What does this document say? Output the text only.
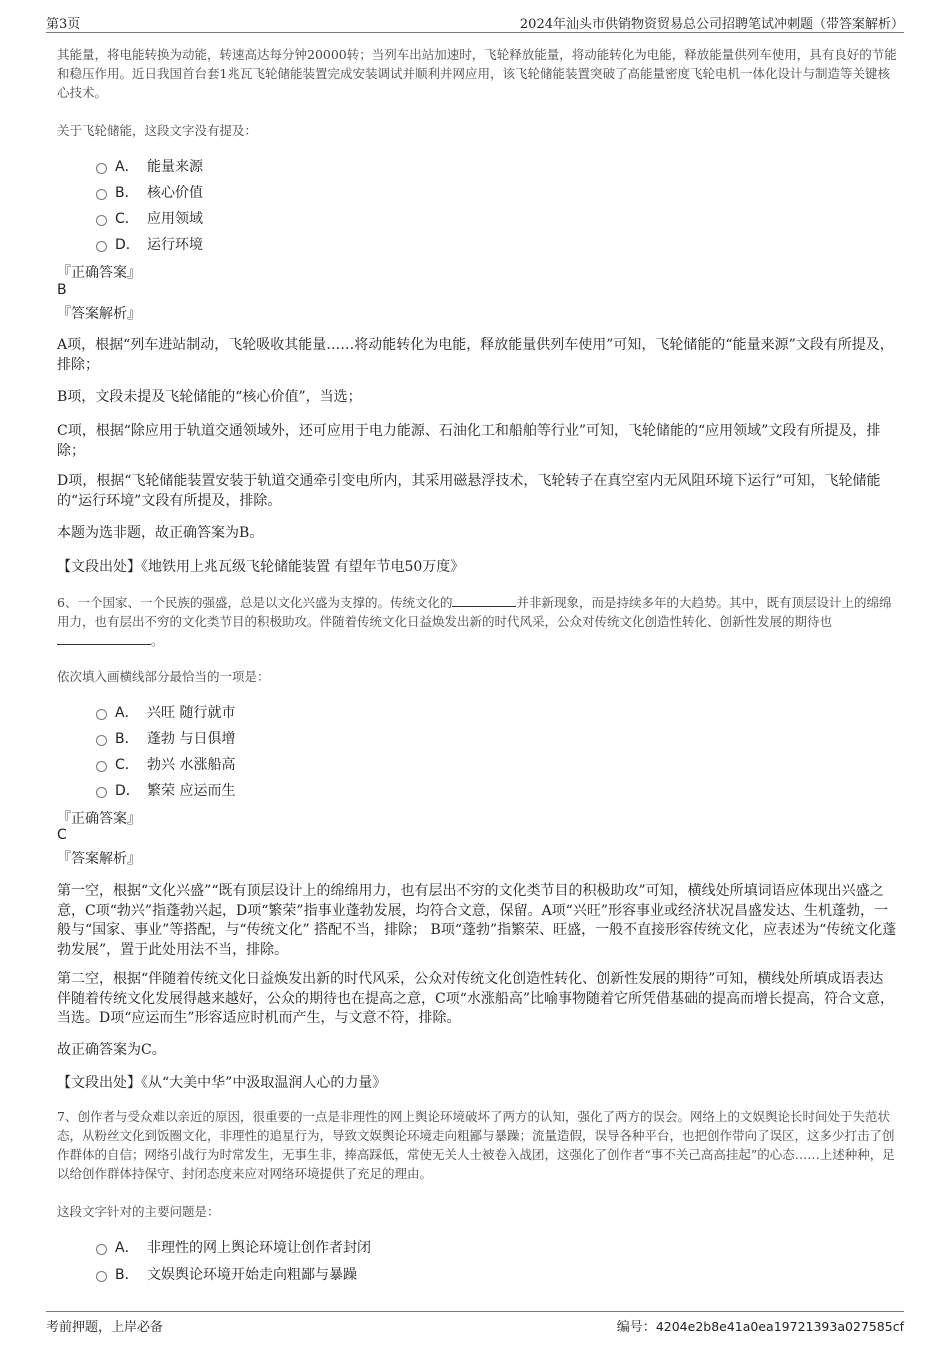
第3页	2024年汕头市供销物资贸易总公司招聘笔试冲刺题（带答案解析）
其能量，将电能转换为动能，转速高达每分钟20000转；当列车出站加速时，飞轮释放能量，将动能转化为电能，释放能量供列车使用，具有良好的节能和稳压作用。近日我国首台套1兆瓦飞轮储能装置完成安装调试并顺利并网应用，该飞轮储能装置突破了高能量密度飞轮电机一体化设计与制造等关键核心技术。
关于飞轮储能，这段文字没有提及：
A． 能量来源
B． 核心价值
C． 应用领域
D． 运行环境
『正确答案』
B
『答案解析』
A项，根据“列车进站制动，飞轮吸收其能量……将动能转化为电能，释放能量供列车使用”可知，飞轮储能的“能量来源”文段有所提及，排除；
B项，文段未提及飞轮储能的“核心价值”，当选；
C项，根据“除应用于轨道交通领域外，还可应用于电力能源、石油化工和船舶等行业”可知，飞轮储能的“应用领域”文段有所提及，排除；
D项，根据“飞轮储能装置安装于轨道交通牵引变电所内，其采用磁悬浮技术，飞轮转子在真空室内无风阻环境下运行”可知，飞轮储能的“运行环境”文段有所提及，排除。
本题为选非题，故正确答案为B。
【文段出处】《地铁用上兆瓦级飞轮储能装置 有望年节电50万度》
6、一个国家、一个民族的强盛，总是以文化兴盛为支撑的。传统文化的	并非新现象，而是持续多年的大趋势。其中，既有顶层设计上的绵绵用力，也有层出不穷的文化类节目的积极助攻。伴随着传统文化日益焕发出新的时代风采，公众对传统文化创造性转化、创新性发展的期待也。
依次填入画横线部分最恰当的一项是：
A． 兴旺 随行就市
B． 蓬勃 与日俱增
C． 勃兴 水涨船高
D． 繁荣 应运而生
『正确答案』
C
『答案解析』
第一空，根据“文化兴盛”“既有顶层设计上的绵绵用力，也有层出不穷的文化类节目的积极助攻”可知，横线处所填词语应体现出兴盛之意，C项“勃兴”指蓬勃兴起，D项“繁荣”指事业蓬勃发展，均符合文意，保留。A项“兴旺”形容事业或经济状况昌盛发达、生机蓬勃，一般与“国家、事业”等搭配，与“传统文化” 搭配不当，排除； B项“蓬勃”指繁荣、旺盛，一般不直接形容传统文化，应表述为“传统文化蓬勃发展”，置于此处用法不当，排除。
第二空，根据“伴随着传统文化日益焕发出新的时代风采，公众对传统文化创造性转化、创新性发展的期待”可知，横线处所填成语表达伴随着传统文化发展得越来越好，公众的期待也在提高之意，C项“水涨船高”比喻事物随着它所凭借基础的提高而增长提高，符合文意，当选。D项“应运而生”形容适应时机而产生，与文意不符，排除。
故正确答案为C。
【文段出处】《从“大美中华”中汲取温润人心的力量》
7、创作者与受众难以亲近的原因，很重要的一点是非理性的网上舆论环境破坏了两方的认知，强化了两方的误会。网络上的文娱舆论长时间处于失范状态，从粉丝文化到饭圈文化，非理性的追星行为，导致文娱舆论环境走向粗鄙与暴躁；流量造假，误导各种平台，也把创作带向了误区，这多少打击了创作群体的自信；网络引战行为时常发生，无事生非，捧高踩低，常使无关人士被卷入战团，这强化了创作者“事不关己高高挂起”的心态……上述种种，足以给创作群体持保守、封闭态度来应对网络环境提供了充足的理由。
这段文字针对的主要问题是：
A． 非理性的网上舆论环境让创作者封闭
B． 文娱舆论环境开始走向粗鄙与暴躁
考前押题，上岸必备	编号：4204e2b8e41a0ea19721393a027585cf
